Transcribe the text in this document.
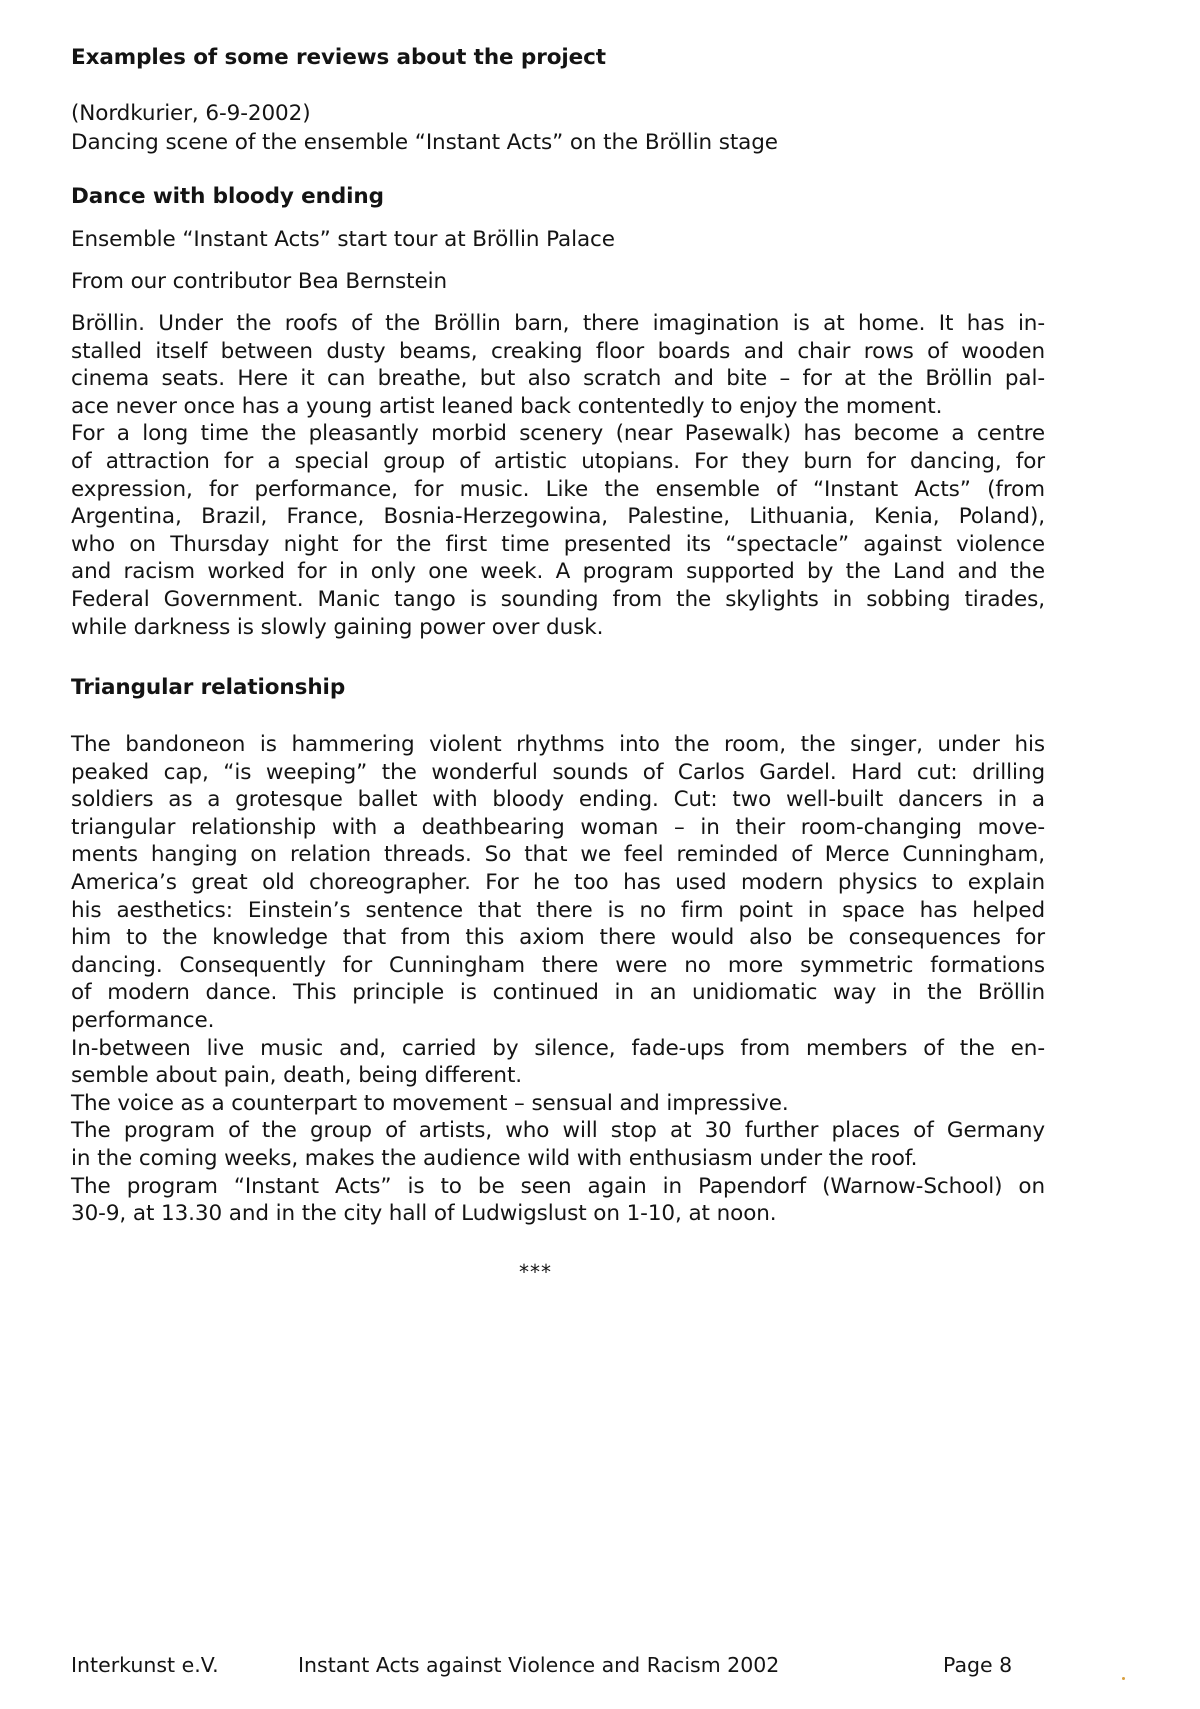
Examples of some reviews about the project
(Nordkurier, 6-9-2002)
Dancing scene of the ensemble “Instant Acts” on the Bröllin stage
Dance with bloody ending
Ensemble “Instant Acts” start tour at Bröllin Palace
From our contributor Bea Bernstein
Bröllin. Under the roofs of the Bröllin barn, there imagination is at home. It has in-
stalled itself between dusty beams, creaking floor boards and chair rows of wooden
cinema seats. Here it can breathe, but also scratch and bite – for at the Bröllin pal-
ace never once has a young artist leaned back contentedly to enjoy the moment.
For a long time the pleasantly morbid scenery (near Pasewalk) has become a centre
of attraction for a special group of artistic utopians. For they burn for dancing, for
expression, for performance, for music. Like the ensemble of “Instant Acts” (from
Argentina, Brazil, France, Bosnia-Herzegowina, Palestine, Lithuania, Kenia, Poland),
who on Thursday night for the first time presented its “spectacle” against violence
and racism worked for in only one week. A program supported by the Land and the
Federal Government. Manic tango is sounding from the skylights in sobbing tirades,
while darkness is slowly gaining power over dusk.
Triangular relationship
The bandoneon is hammering violent rhythms into the room, the singer, under his
peaked cap, “is weeping” the wonderful sounds of Carlos Gardel. Hard cut: drilling
soldiers as a grotesque ballet with bloody ending. Cut: two well-built dancers in a
triangular relationship with a deathbearing woman – in their room-changing move-
ments hanging on relation threads. So that we feel reminded of Merce Cunningham,
America’s great old choreographer. For he too has used modern physics to explain
his aesthetics: Einstein’s sentence that there is no firm point in space has helped
him to the knowledge that from this axiom there would also be consequences for
dancing. Consequently for Cunningham there were no more symmetric formations
of modern dance. This principle is continued in an unidiomatic way in the Bröllin
performance.
In-between live music and, carried by silence, fade-ups from members of the en-
semble about pain, death, being different.
The voice as a counterpart to movement – sensual and impressive.
The program of the group of artists, who will stop at 30 further places of Germany
in the coming weeks, makes the audience wild with enthusiasm under the roof.
The program “Instant Acts” is to be seen again in Papendorf (Warnow-School) on
30-9, at 13.30 and in the city hall of Ludwigslust on 1-10, at noon.
***
Interkunst e.V.	Instant Acts against Violence and Racism 2002	Page 8
